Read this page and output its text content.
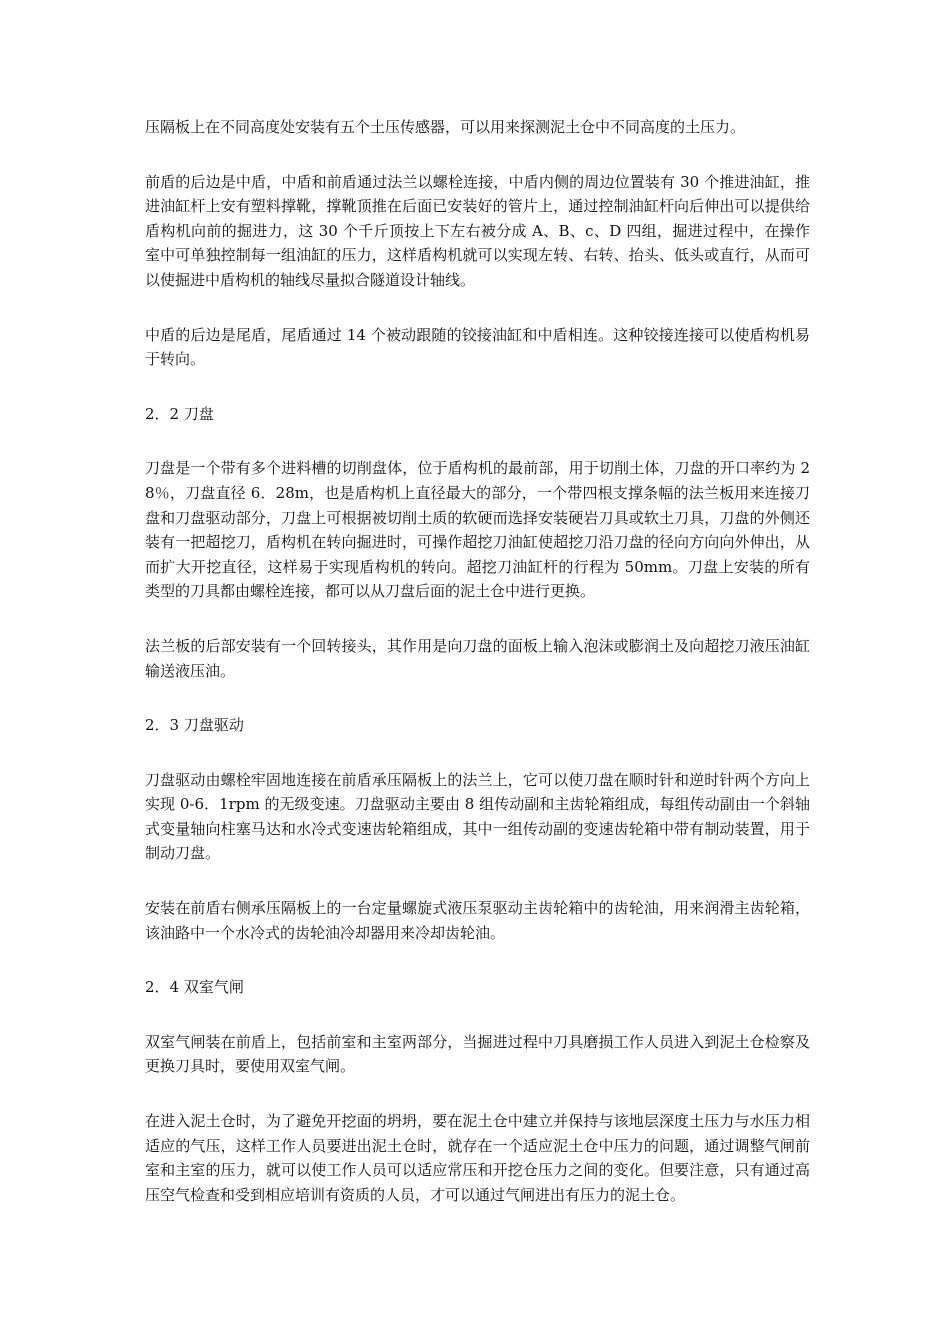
压隔板上在不同高度处安装有五个土压传感器，可以用来探测泥土仓中不同高度的土压力。

前盾的后边是中盾，中盾和前盾通过法兰以螺栓连接，中盾内侧的周边位置装有 30 个推进油缸，推进油缸杆上安有塑料撑靴，撑靴顶推在后面已安装好的管片上，通过控制油缸杆向后伸出可以提供给盾构机向前的掘进力，这 30 个千斤顶按上下左右被分成 A、B、c、D 四组，掘进过程中，在操作室中可单独控制每一组油缸的压力，这样盾构机就可以实现左转、右转、抬头、低头或直行，从而可以使掘进中盾构机的轴线尽量拟合隧道设计轴线。

中盾的后边是尾盾，尾盾通过 14 个被动跟随的铰接油缸和中盾相连。这种铰接连接可以使盾构机易于转向。

2．2 刀盘

刀盘是一个带有多个进料槽的切削盘体，位于盾构机的最前部，用于切削土体，刀盘的开口率约为 28％，刀盘直径 6．28m，也是盾构机上直径最大的部分，一个带四根支撑条幅的法兰板用来连接刀盘和刀盘驱动部分，刀盘上可根据被切削土质的软硬而选择安装硬岩刀具或软土刀具，刀盘的外侧还装有一把超挖刀，盾构机在转向掘进时，可操作超挖刀油缸使超挖刀沿刀盘的径向方向向外伸出，从而扩大开挖直径，这样易于实现盾构机的转向。超挖刀油缸杆的行程为 50mm。刀盘上安装的所有类型的刀具都由螺栓连接，都可以从刀盘后面的泥土仓中进行更换。

法兰板的后部安装有一个回转接头，其作用是向刀盘的面板上输入泡沫或膨润土及向超挖刀液压油缸输送液压油。

2．3 刀盘驱动

刀盘驱动由螺栓牢固地连接在前盾承压隔板上的法兰上，它可以使刀盘在顺时针和逆时针两个方向上实现 0-6．1rpm 的无级变速。刀盘驱动主要由 8 组传动副和主齿轮箱组成，每组传动副由一个斜轴式变量轴向柱塞马达和水冷式变速齿轮箱组成，其中一组传动副的变速齿轮箱中带有制动装置，用于制动刀盘。

安装在前盾右侧承压隔板上的一台定量螺旋式液压泵驱动主齿轮箱中的齿轮油，用来润滑主齿轮箱，该油路中一个水冷式的齿轮油冷却器用来冷却齿轮油。

2．4 双室气闸

双室气闸装在前盾上，包括前室和主室两部分，当掘进过程中刀具磨损工作人员进入到泥土仓检察及更换刀具时，要使用双室气闸。

在进入泥土仓时，为了避免开挖面的坍坍，要在泥土仓中建立并保持与该地层深度土压力与水压力相适应的气压，这样工作人员要进出泥土仓时，就存在一个适应泥土仓中压力的问题，通过调整气闸前室和主室的压力，就可以使工作人员可以适应常压和开挖仓压力之间的变化。但要注意，只有通过高压空气检查和受到相应培训有资质的人员，才可以通过气闸进出有压力的泥土仓。
